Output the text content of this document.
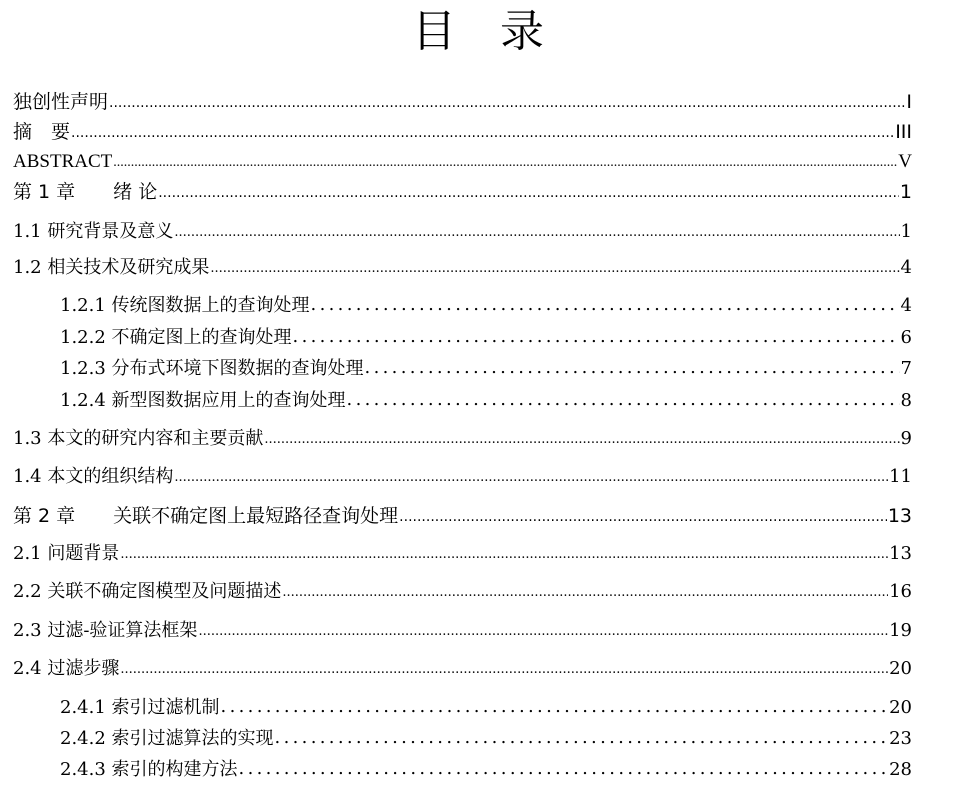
目 录
独创性声明 .....	I
摘　要 .....	III
ABSTRACT .....	V
第 1 章　　绪 论 .....	1
1.1 研究背景及意义 .....	1
1.2 相关技术及研究成果 .....	4
1.2.1 传统图数据上的查询处理 . . .	4
1.2.2 不确定图上的查询处理 . . .	6
1.2.3 分布式环境下图数据的查询处理 . . .	7
1.2.4 新型图数据应用上的查询处理 . . .	8
1.3 本文的研究内容和主要贡献 .....	9
1.4 本文的组织结构 .....	11
第 2 章　　关联不确定图上最短路径查询处理 .....	13
2.1 问题背景 .....	13
2.2 关联不确定图模型及问题描述 .....	16
2.3 过滤-验证算法框架 .....	19
2.4 过滤步骤 .....	20
2.4.1 索引过滤机制 . . .	20
2.4.2 索引过滤算法的实现 . . .	23
2.4.3 索引的构建方法 . . .	28
